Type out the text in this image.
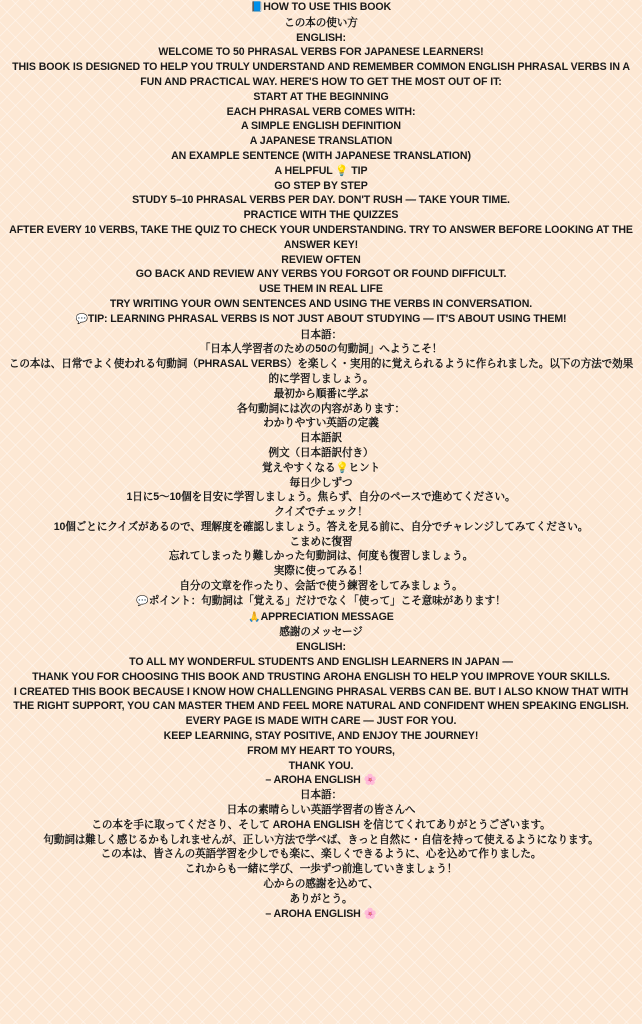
📘HOW TO USE THIS BOOK
この本の使い方
ENGLISH:
WELCOME TO 50 PHRASAL VERBS FOR JAPANESE LEARNERS!
THIS BOOK IS DESIGNED TO HELP YOU TRULY UNDERSTAND AND REMEMBER COMMON ENGLISH PHRASAL VERBS IN A FUN AND PRACTICAL WAY. HERE'S HOW TO GET THE MOST OUT OF IT:
START AT THE BEGINNING
EACH PHRASAL VERB COMES WITH:
A SIMPLE ENGLISH DEFINITION
A JAPANESE TRANSLATION
AN EXAMPLE SENTENCE (WITH JAPANESE TRANSLATION)
A HELPFUL 💡 TIP
GO STEP BY STEP
STUDY 5–10 PHRASAL VERBS PER DAY. DON'T RUSH — TAKE YOUR TIME.
PRACTICE WITH THE QUIZZES
AFTER EVERY 10 VERBS, TAKE THE QUIZ TO CHECK YOUR UNDERSTANDING. TRY TO ANSWER BEFORE LOOKING AT THE ANSWER KEY!
REVIEW OFTEN
GO BACK AND REVIEW ANY VERBS YOU FORGOT OR FOUND DIFFICULT.
USE THEM IN REAL LIFE
TRY WRITING YOUR OWN SENTENCES AND USING THE VERBS IN CONVERSATION.
💬TIP: LEARNING PHRASAL VERBS IS NOT JUST ABOUT STUDYING — IT'S ABOUT USING THEM!
日本語：
「日本人学習者のための50の句動詞」へようこそ！
この本は、日常でよく使われる句動詞（PHRASAL VERBS）を楽しく・実用的に覚えられるように作られました。以下の方法で効果的に学習しましょう。
最初から順番に学ぶ
各句動詞には次の内容があります：
わかりやすい英語の定義
日本語訳
例文（日本語訳付き）
覚えやすくなる💡ヒント
毎日少しずつ
1日に5〜10個を目安に学習しましょう。焦らず、自分のペースで進めてください。
クイズでチェック！
10個ごとにクイズがあるので、理解度を確認しましょう。答えを見る前に、自分でチャレンジしてみてください。
こまめに復習
忘れてしまったり難しかった句動詞は、何度も復習しましょう。
実際に使ってみる！
自分の文章を作ったり、会話で使う練習をしてみましょう。
💬ポイント：句動詞は「覚える」だけでなく「使って」こそ意味があります！
🙏APPRECIATION MESSAGE
感謝のメッセージ
ENGLISH:
TO ALL MY WONDERFUL STUDENTS AND ENGLISH LEARNERS IN JAPAN —
THANK YOU FOR CHOOSING THIS BOOK AND TRUSTING AROHA ENGLISH TO HELP YOU IMPROVE YOUR SKILLS.
I CREATED THIS BOOK BECAUSE I KNOW HOW CHALLENGING PHRASAL VERBS CAN BE. BUT I ALSO KNOW THAT WITH THE RIGHT SUPPORT, YOU CAN MASTER THEM AND FEEL MORE NATURAL AND CONFIDENT WHEN SPEAKING ENGLISH.
EVERY PAGE IS MADE WITH CARE — JUST FOR YOU.
KEEP LEARNING, STAY POSITIVE, AND ENJOY THE JOURNEY!
FROM MY HEART TO YOURS,
THANK YOU.
– AROHA ENGLISH 🌸
日本語：
日本の素晴らしい英語学習者の皆さんへ
この本を手に取ってくださり、そして AROHA ENGLISH を信じてくれてありがとうございます。
句動詞は難しく感じるかもしれませんが、正しい方法で学べば、きっと自然に・自信を持って使えるようになります。
この本は、皆さんの英語学習を少しでも楽に、楽しくできるように、心を込めて作りました。
これからも一緒に学び、一歩ずつ前進していきましょう！
心からの感謝を込めて、
ありがとう。
– AROHA ENGLISH 🌸
